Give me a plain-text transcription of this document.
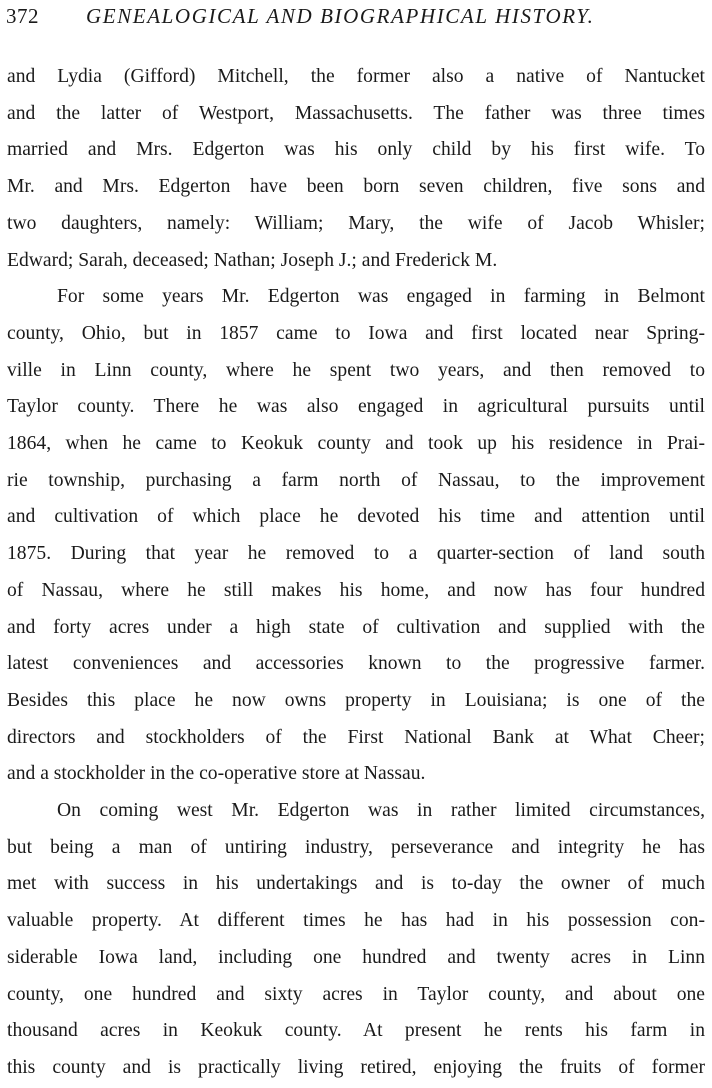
372 GENEALOGICAL AND BIOGRAPHICAL HISTORY.

and Lydia (Gifford) Mitchell, the former also a native of Nantucket
and the latter of Westport, Massachusetts. The father was three times
married and Mrs. Edgerton was his only child by his first wife. To
Mr. and Mrs. Edgerton have been born seven children, five sons and
two daughters, namely: William; Mary, the wife of Jacob Whisler;
Edward; Sarah, deceased; Nathan; Joseph J.; and Frederick M.

For some years Mr. Edgerton was engaged in farming in Belmont
county, Ohio, but in 1857 came to Iowa and first located near Spring-
ville in Linn county, where he spent two years, and then removed to
Taylor county. There he was also engaged in agricultural pursuits until
1864, when he came to Keokuk county and took up his residence in Prai-
rie township, purchasing a farm north of Nassau, to the improvement
and cultivation of which place he devoted his time and attention until
1875. During that year he removed to a quarter-section of land south
of Nassau, where he still makes his home, and now has four hundred
and forty acres under a high state of cultivation and supplied with the
latest conveniences and accessories known to the progressive farmer.
Besides this place he now owns property in Louisiana; is one of the
directors and stockholders of the First National Bank at What Cheer;
and a stockholder in the co-operative store at Nassau.

On coming west Mr. Edgerton was in rather limited circumstances,
but being a man of untiring industry, perseverance and integrity he has
met with success in his undertakings and is to-day the owner of much
valuable property. At different times he has had in his possession con-
siderable Iowa land, including one hundred and twenty acres in Linn
county, one hundred and sixty acres in Taylor county, and about one
thousand acres in Keokuk county. At present he rents his farm in
this county and is practically living retired, enjoying the fruits of former
